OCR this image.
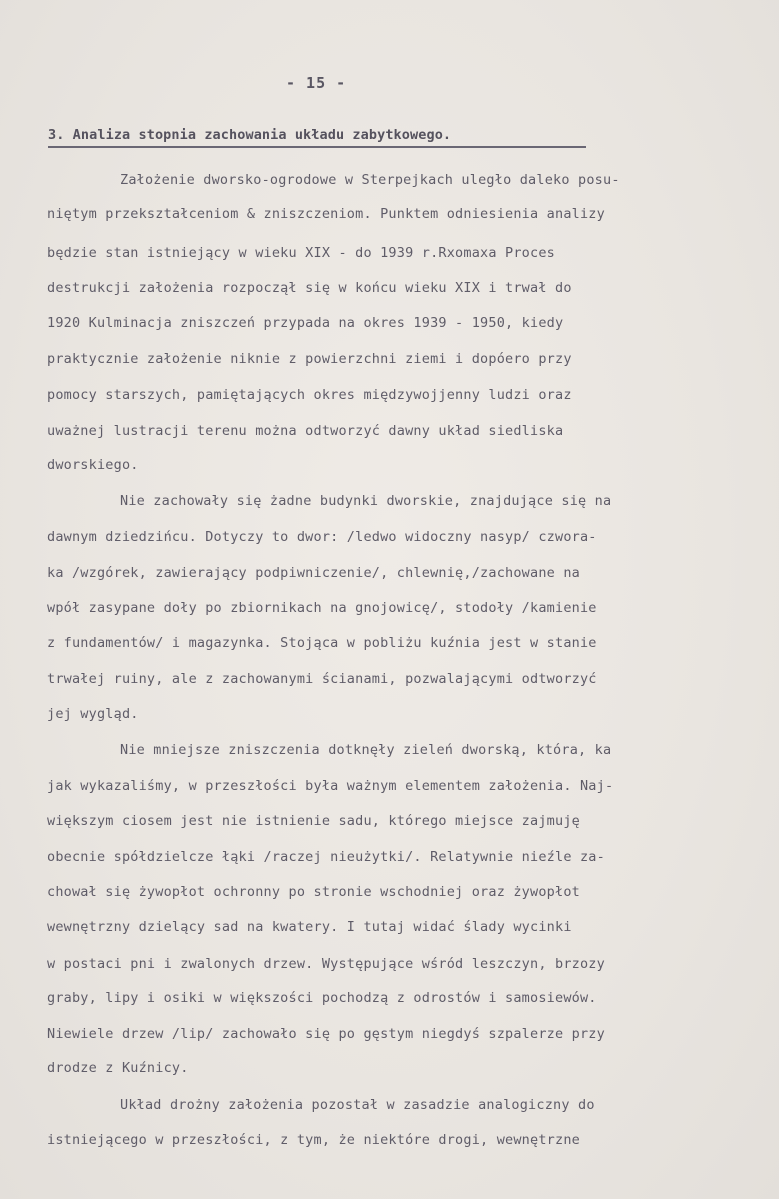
- 15 -
3. Analiza stopnia zachowania układu zabytkowego.
Założenie dworsko-ogrodowe w Sterpejkach uległo daleko posu-
niętym przekształceniom & zniszczeniom. Punktem odniesienia analizy
będzie stan istniejący w wieku XIX - do 1939 r.Rxomaxa Proces
destrukcji założenia rozpoczął się w końcu wieku XIX i trwał do
1920 Kulminacja zniszczeń przypada na okres 1939 - 1950, kiedy
praktycznie założenie niknie z powierzchni ziemi i dopóero przy
pomocy starszych, pamiętających okres międzywojjenny ludzi oraz
uważnej lustracji terenu można odtworzyć dawny układ siedliska
dworskiego.
Nie zachowały się żadne budynki dworskie, znajdujące się na
dawnym dziedzińcu. Dotyczy to dwor: /ledwo widoczny nasyp/ czwora-
ka /wzgórek, zawierający podpiwniczenie/, chlewnię,/zachowane na
wpół zasypane doły po zbiornikach na gnojowicę/, stodoły /kamienie
z fundamentów/ i magazynka. Stojąca w pobliżu kuźnia jest w stanie
trwałej ruiny, ale z zachowanymi ścianami, pozwalającymi odtworzyć
jej wygląd.
Nie mniejsze zniszczenia dotknęły zieleń dworską, która, ka
jak wykazaliśmy, w przeszłości była ważnym elementem założenia. Naj-
większym ciosem jest nie istnienie sadu, którego miejsce zajmuję
obecnie spółdzielcze łąki /raczej nieużytki/. Relatywnie nieźle za-
chował się żywopłot ochronny po stronie wschodniej oraz żywopłot
wewnętrzny dzielący sad na kwatery. I tutaj widać ślady wycinki
w postaci pni i zwalonych drzew. Występujące wśród leszczyn, brzozy
graby, lipy i osiki w większości pochodzą z odrostów i samosiewów.
Niewiele drzew /lip/ zachowało się po gęstym niegdyś szpalerze przy
drodze z Kuźnicy.
Układ drożny założenia pozostał w zasadzie analogiczny do
istniejącego w przeszłości, z tym, że niektóre drogi, wewnętrzne
